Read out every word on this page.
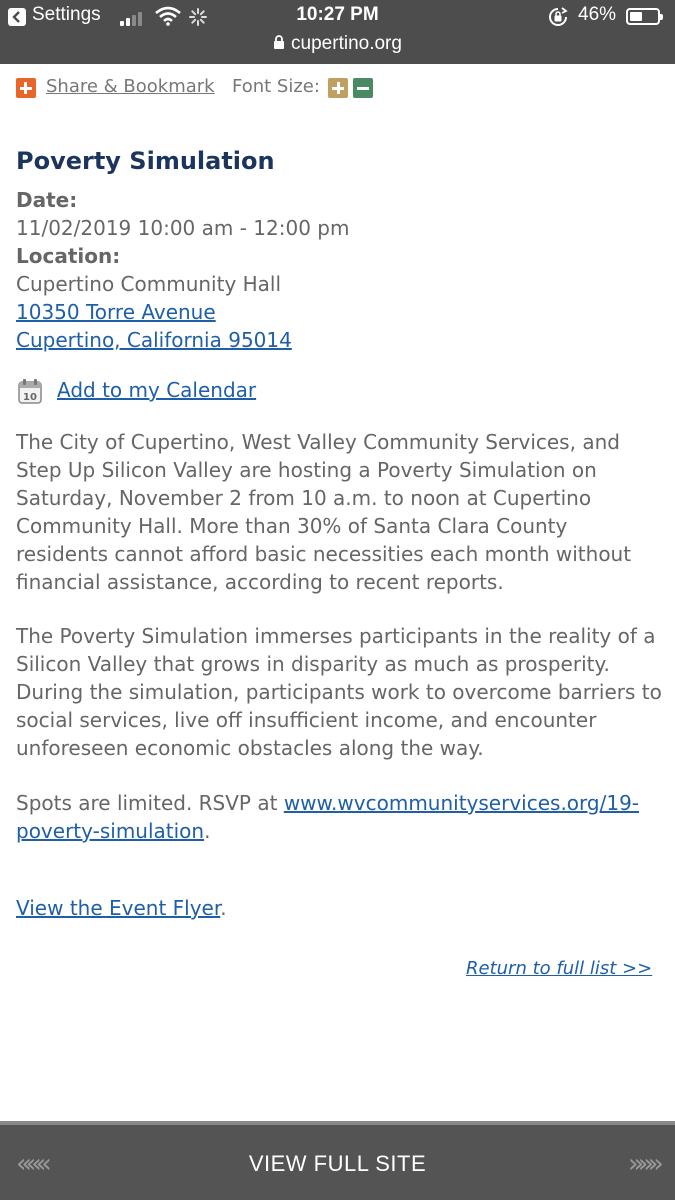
Settings	10:27 PM	46%
cupertino.org
Share & Bookmark Font Size:
Poverty Simulation
Date:
11/02/2019 10:00 am - 12:00 pm
Location:
Cupertino Community Hall
10350 Torre Avenue
Cupertino, California 95014
10 Add to my Calendar

The City of Cupertino, West Valley Community Services, and Step Up Silicon Valley are hosting a Poverty Simulation on Saturday, November 2 from 10 a.m. to noon at Cupertino Community Hall. More than 30% of Santa Clara County residents cannot afford basic necessities each month without financial assistance, according to recent reports.

The Poverty Simulation immerses participants in the reality of a Silicon Valley that grows in disparity as much as prosperity. During the simulation, participants work to overcome barriers to social services, live off insufficient income, and encounter unforeseen economic obstacles along the way.

Spots are limited. RSVP at www.wvcommunityservices.org/19-
poverty-simulation.

View the Event Flyer.

Return to full list >>
«««	VIEW FULL SITE	»»»
